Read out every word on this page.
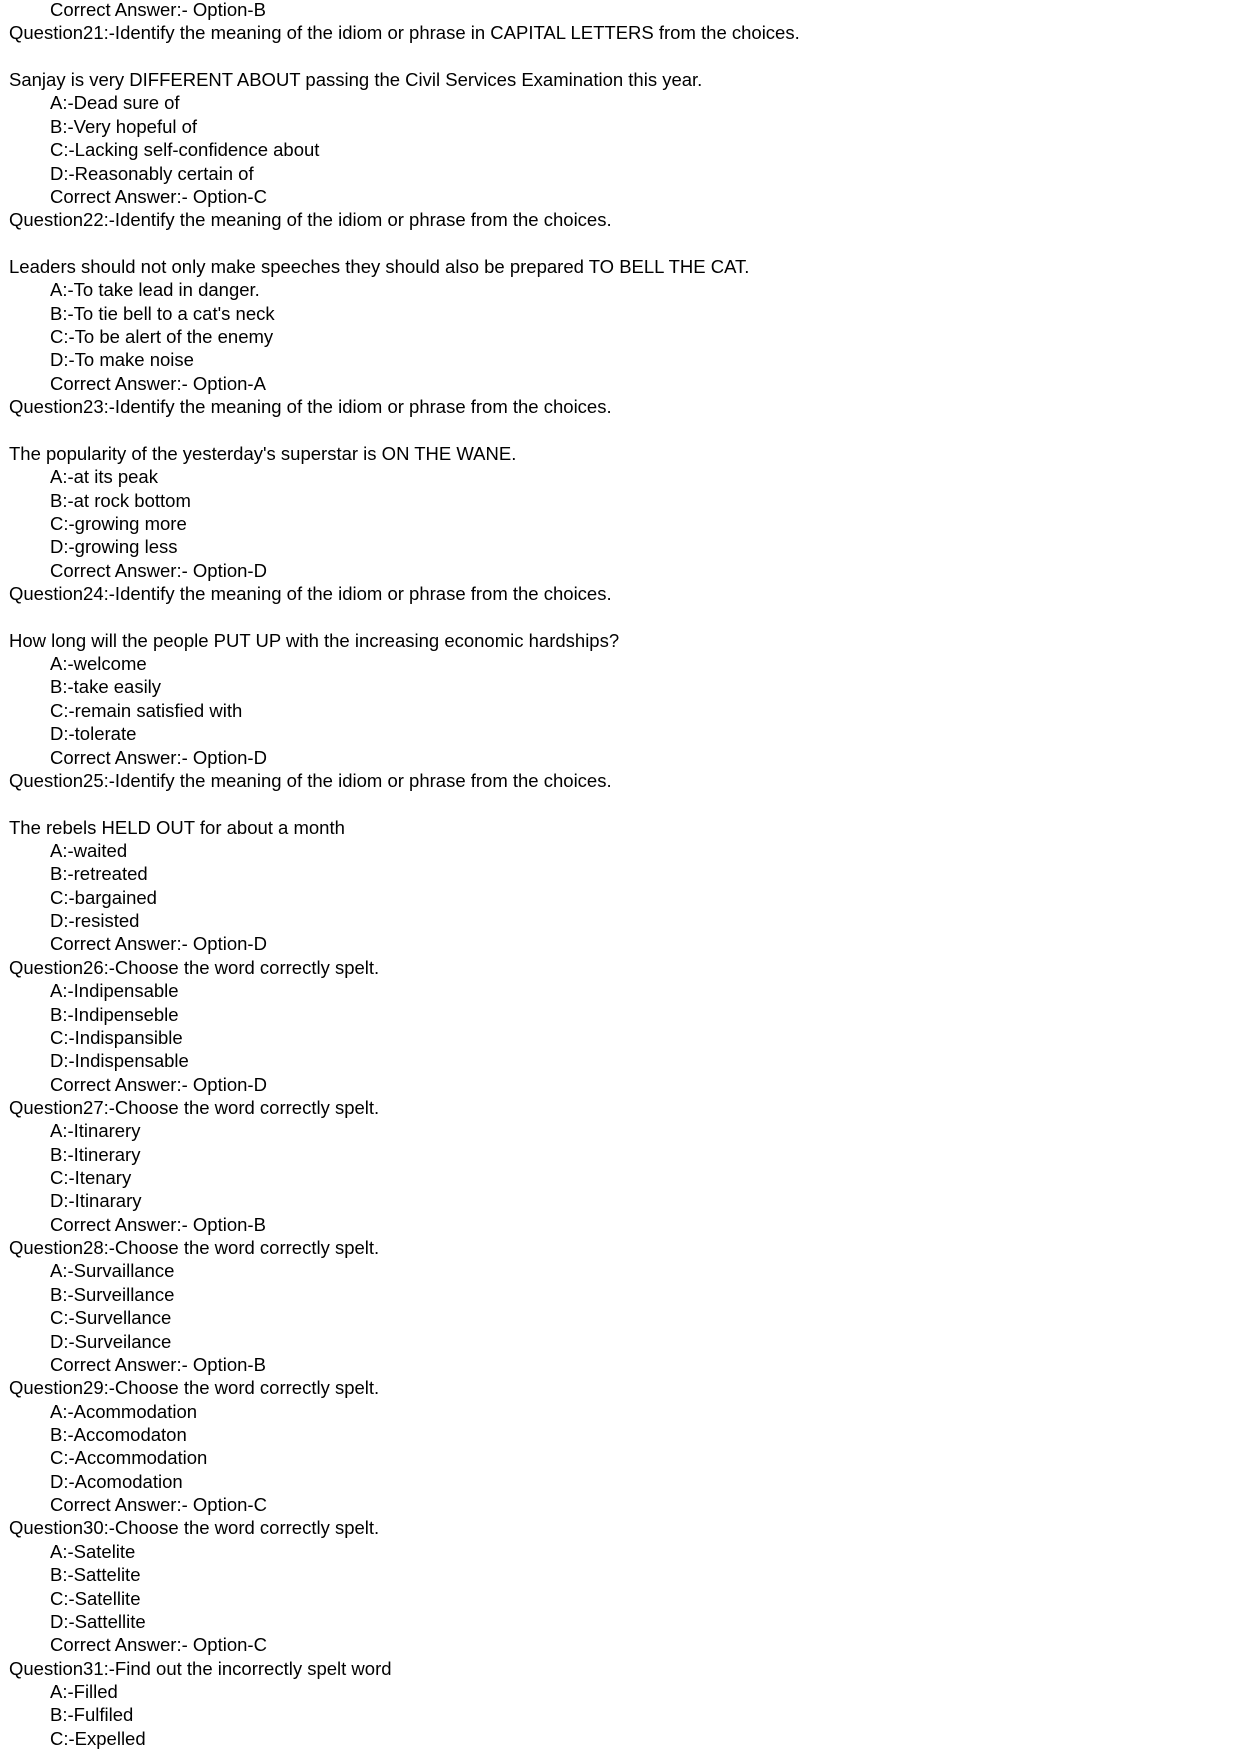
Correct Answer:- Option-B
Question21:-Identify the meaning of the idiom or phrase in CAPITAL LETTERS from the choices.
Sanjay is very DIFFERENT ABOUT passing the Civil Services Examination this year.
A:-Dead sure of
B:-Very hopeful of
C:-Lacking self-confidence about
D:-Reasonably certain of
Correct Answer:- Option-C
Question22:-Identify the meaning of the idiom or phrase from the choices.
Leaders should not only make speeches they should also be prepared TO BELL THE CAT.
A:-To take lead in danger.
B:-To tie bell to a cat's neck
C:-To be alert of the enemy
D:-To make noise
Correct Answer:- Option-A
Question23:-Identify the meaning of the idiom or phrase from the choices.
The popularity of the yesterday's superstar is ON THE WANE.
A:-at its peak
B:-at rock bottom
C:-growing more
D:-growing less
Correct Answer:- Option-D
Question24:-Identify the meaning of the idiom or phrase from the choices.
How long will the people PUT UP with the increasing economic hardships?
A:-welcome
B:-take easily
C:-remain satisfied with
D:-tolerate
Correct Answer:- Option-D
Question25:-Identify the meaning of the idiom or phrase from the choices.
The rebels HELD OUT for about a month
A:-waited
B:-retreated
C:-bargained
D:-resisted
Correct Answer:- Option-D
Question26:-Choose the word correctly spelt.
A:-Indipensable
B:-Indipenseble
C:-Indispansible
D:-Indispensable
Correct Answer:- Option-D
Question27:-Choose the word correctly spelt.
A:-Itinarery
B:-Itinerary
C:-Itenary
D:-Itinarary
Correct Answer:- Option-B
Question28:-Choose the word correctly spelt.
A:-Survaillance
B:-Surveillance
C:-Survellance
D:-Surveilance
Correct Answer:- Option-B
Question29:-Choose the word correctly spelt.
A:-Acommodation
B:-Accomodaton
C:-Accommodation
D:-Acomodation
Correct Answer:- Option-C
Question30:-Choose the word correctly spelt.
A:-Satelite
B:-Sattelite
C:-Satellite
D:-Sattellite
Correct Answer:- Option-C
Question31:-Find out the incorrectly spelt word
A:-Filled
B:-Fulfiled
C:-Expelled
